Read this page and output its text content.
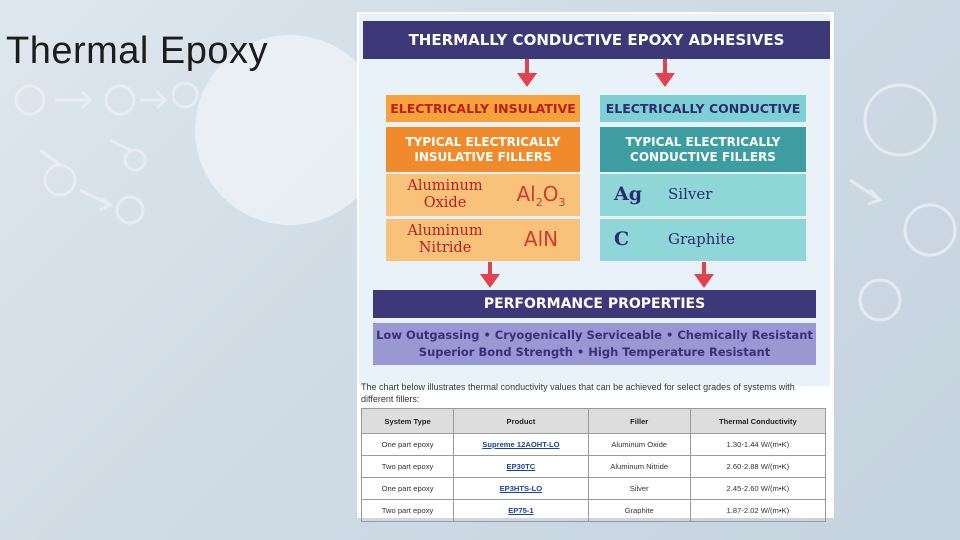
Thermal Epoxy	THERMALLY CONDUCTIVE EPOXY ADHESIVES
ELECTRICALLY INSULATIVE
TYPICAL ELECTRICALLY
INSULATIVE FILLERS
Aluminum
Oxide	$Al_2O_3$
Aluminum
Nitride	AlN
ELECTRICALLY CONDUCTIVE
TYPICAL ELECTRICALLY
CONDUCTIVE FILLERS
Ag Silver
C	Graphite
PERFORMANCE PROPERTIES
Low Outgassing • Cryogenically Serviceable • Chemically Resistant
Superior Bond Strength • High Temperature Resistant
The chart below illustrates thermal conductivity values that can be achieved for select grades of systems with different fillers:
System Type	Product	Filler	Thermal Conductivity
One part epoxy	Supreme 12AOHT-LO	Aluminum Oxide	1.30-1.44 W/(m•K)
Two part epoxy	EP30TC	Aluminum Nitride	2.60-2.88 W/(m•K)
One part epoxy	EP3HTS-LO	Silver	2.45-2.60 W/(m•K)
Two part epoxy	EP75-1	Graphite	1.87-2.02 W/(m•K)
